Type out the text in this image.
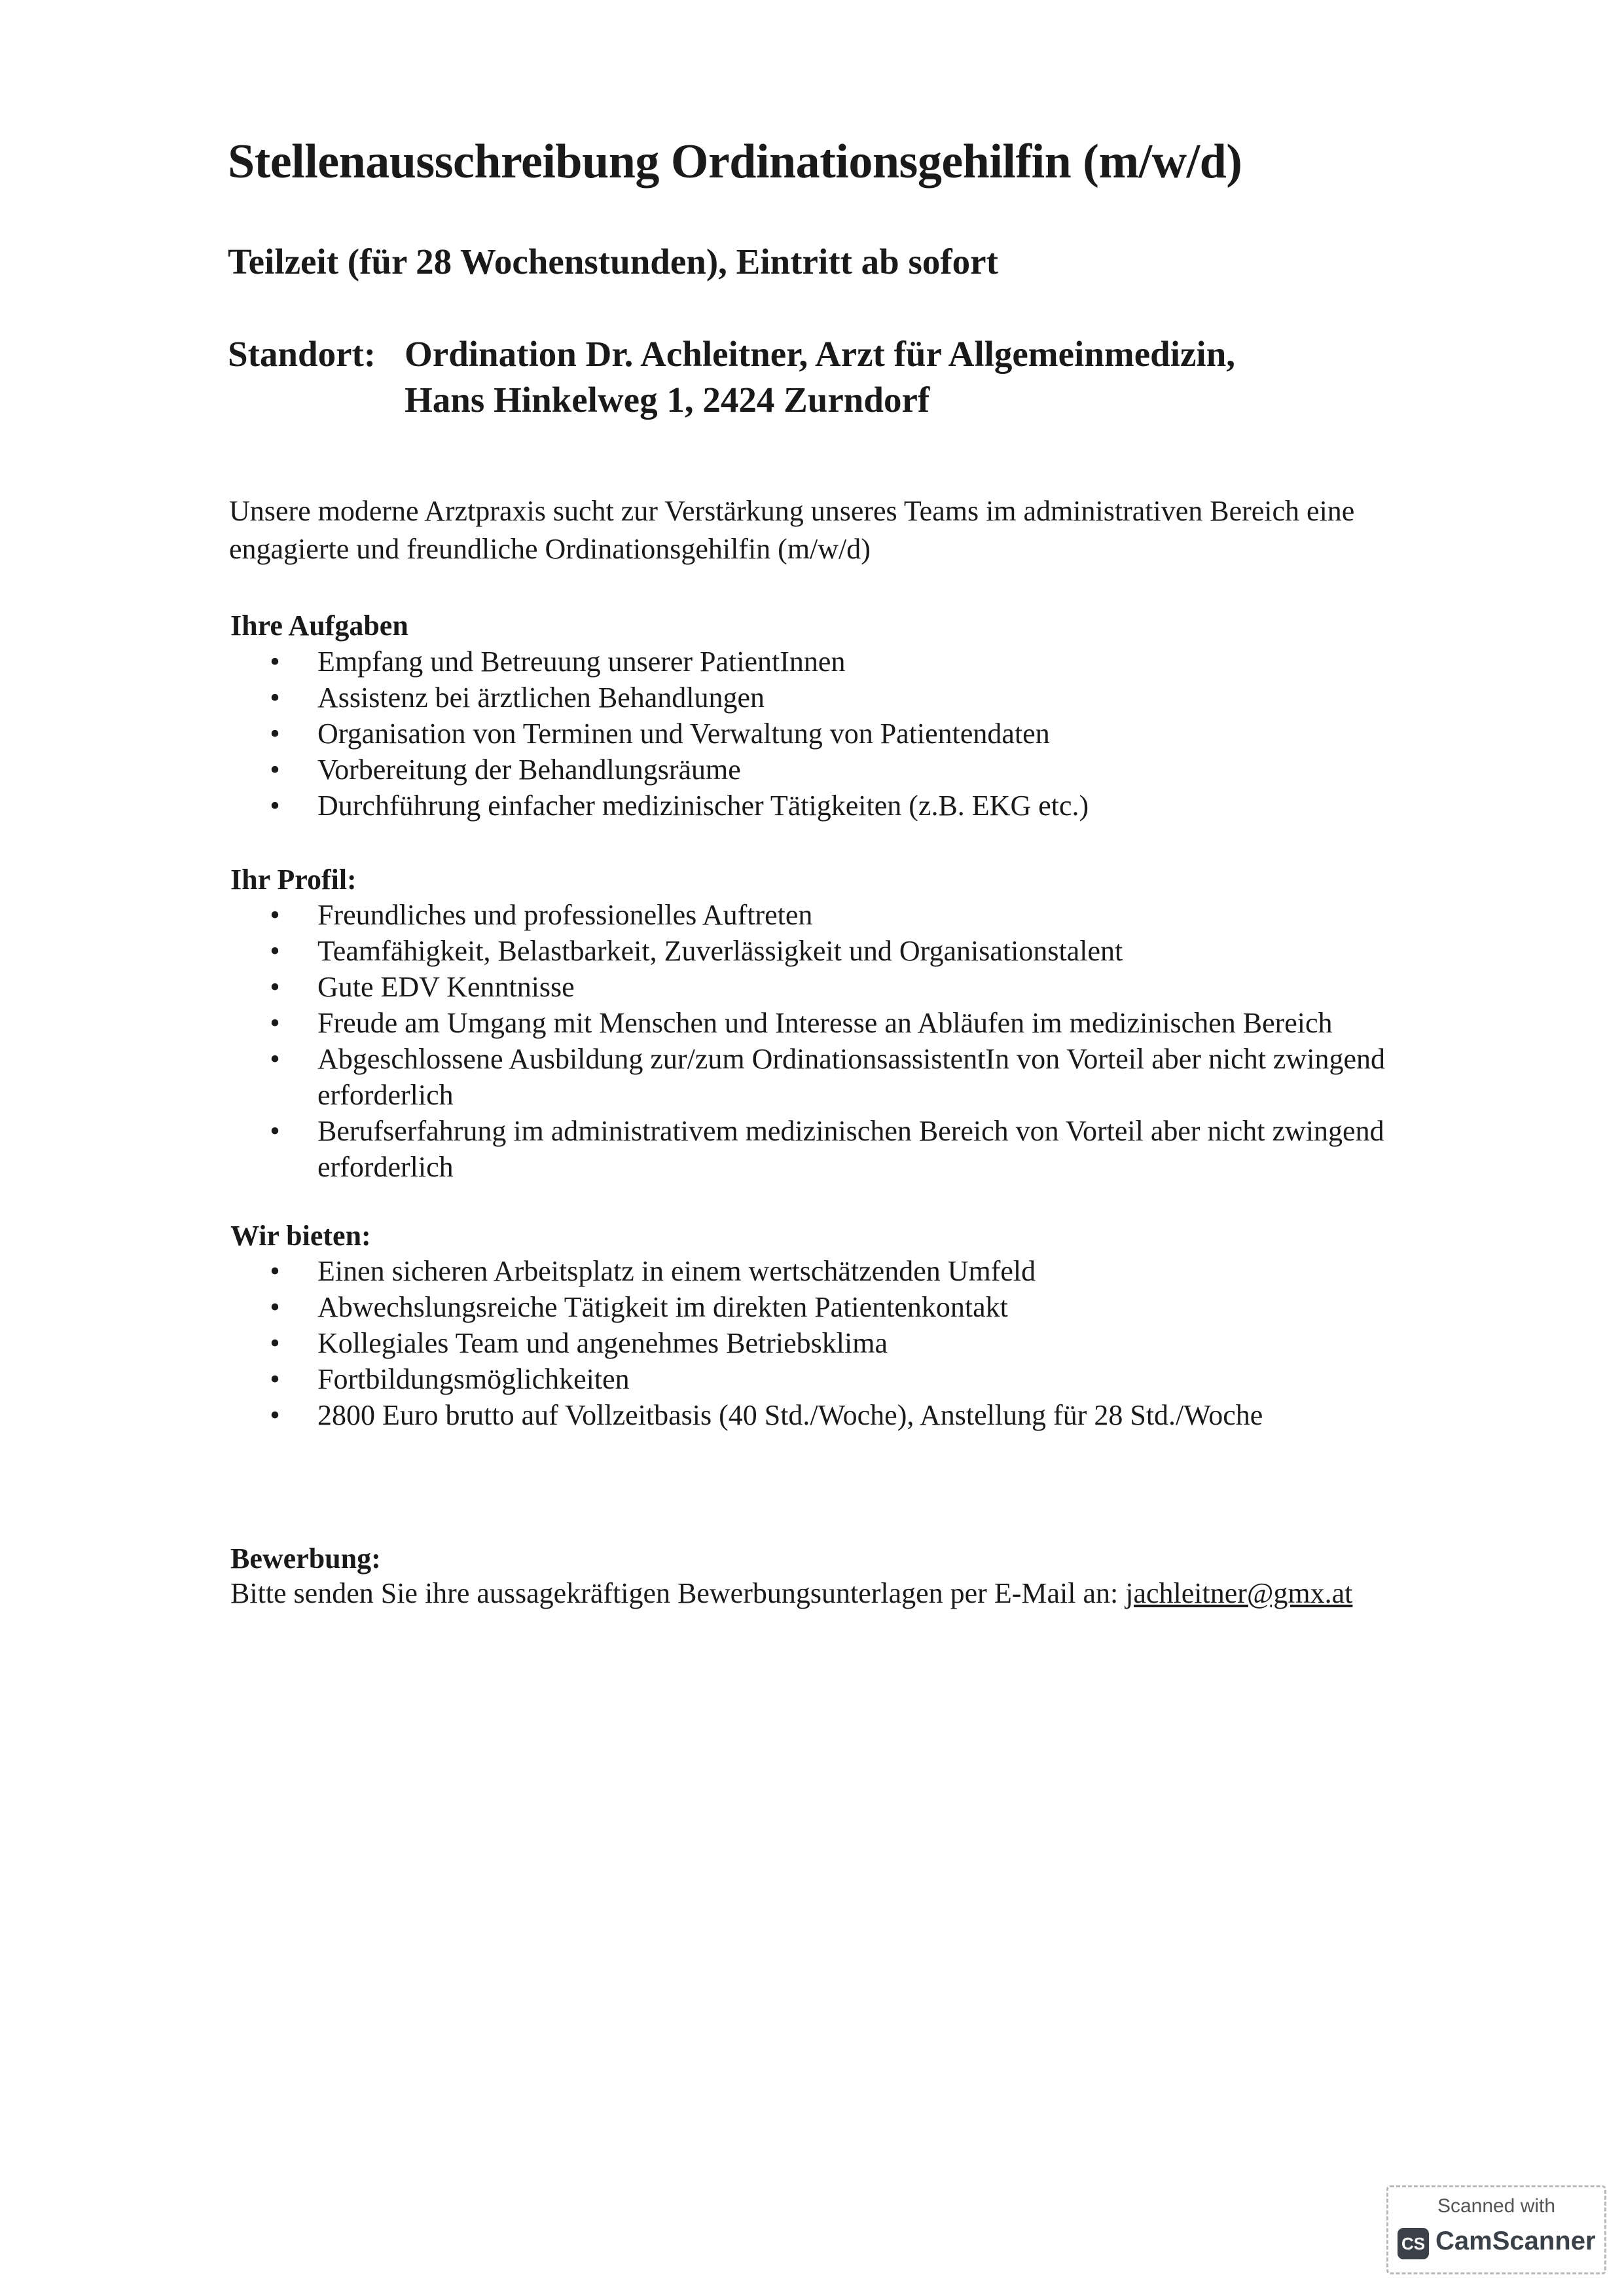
Stellenausschreibung Ordinationsgehilfin (m/w/d)
Teilzeit (für 28 Wochenstunden), Eintritt ab sofort
Standort: Ordination Dr. Achleitner, Arzt für Allgemeinmedizin,
Hans Hinkelweg 1, 2424 Zurndorf

Unsere moderne Arztpraxis sucht zur Verstärkung unseres Teams im administrativen Bereich eine engagierte und freundliche Ordinationsgehilfin (m/w/d)

Ihre Aufgaben
• Empfang und Betreuung unserer PatientInnen
• Assistenz bei ärztlichen Behandlungen
• Organisation von Terminen und Verwaltung von Patientendaten
• Vorbereitung der Behandlungsräume
• Durchführung einfacher medizinischer Tätigkeiten (z.B. EKG etc.)
Ihr Profil:
• Freundliches und professionelles Auftreten
• Teamfähigkeit, Belastbarkeit, Zuverlässigkeit und Organisationstalent
• Gute EDV Kenntnisse
• Freude am Umgang mit Menschen und Interesse an Abläufen im medizinischen Bereich
• Abgeschlossene Ausbildung zur/zum OrdinationsassistentIn von Vorteil aber nicht zwingend erforderlich
• Berufserfahrung im administrativem medizinischen Bereich von Vorteil aber nicht zwingend erforderlich
Wir bieten:
• Einen sicheren Arbeitsplatz in einem wertschätzenden Umfeld
• Abwechslungsreiche Tätigkeit im direkten Patientenkontakt
• Kollegiales Team und angenehmes Betriebsklima
• Fortbildungsmöglichkeiten
• 2800 Euro brutto auf Vollzeitbasis (40 Std./Woche), Anstellung für 28 Std./Woche
Bewerbung:
Bitte senden Sie ihre aussagekräftigen Bewerbungsunterlagen per E-Mail an: jachleitner@gmx.at
Scanned with
CS CamScanner
